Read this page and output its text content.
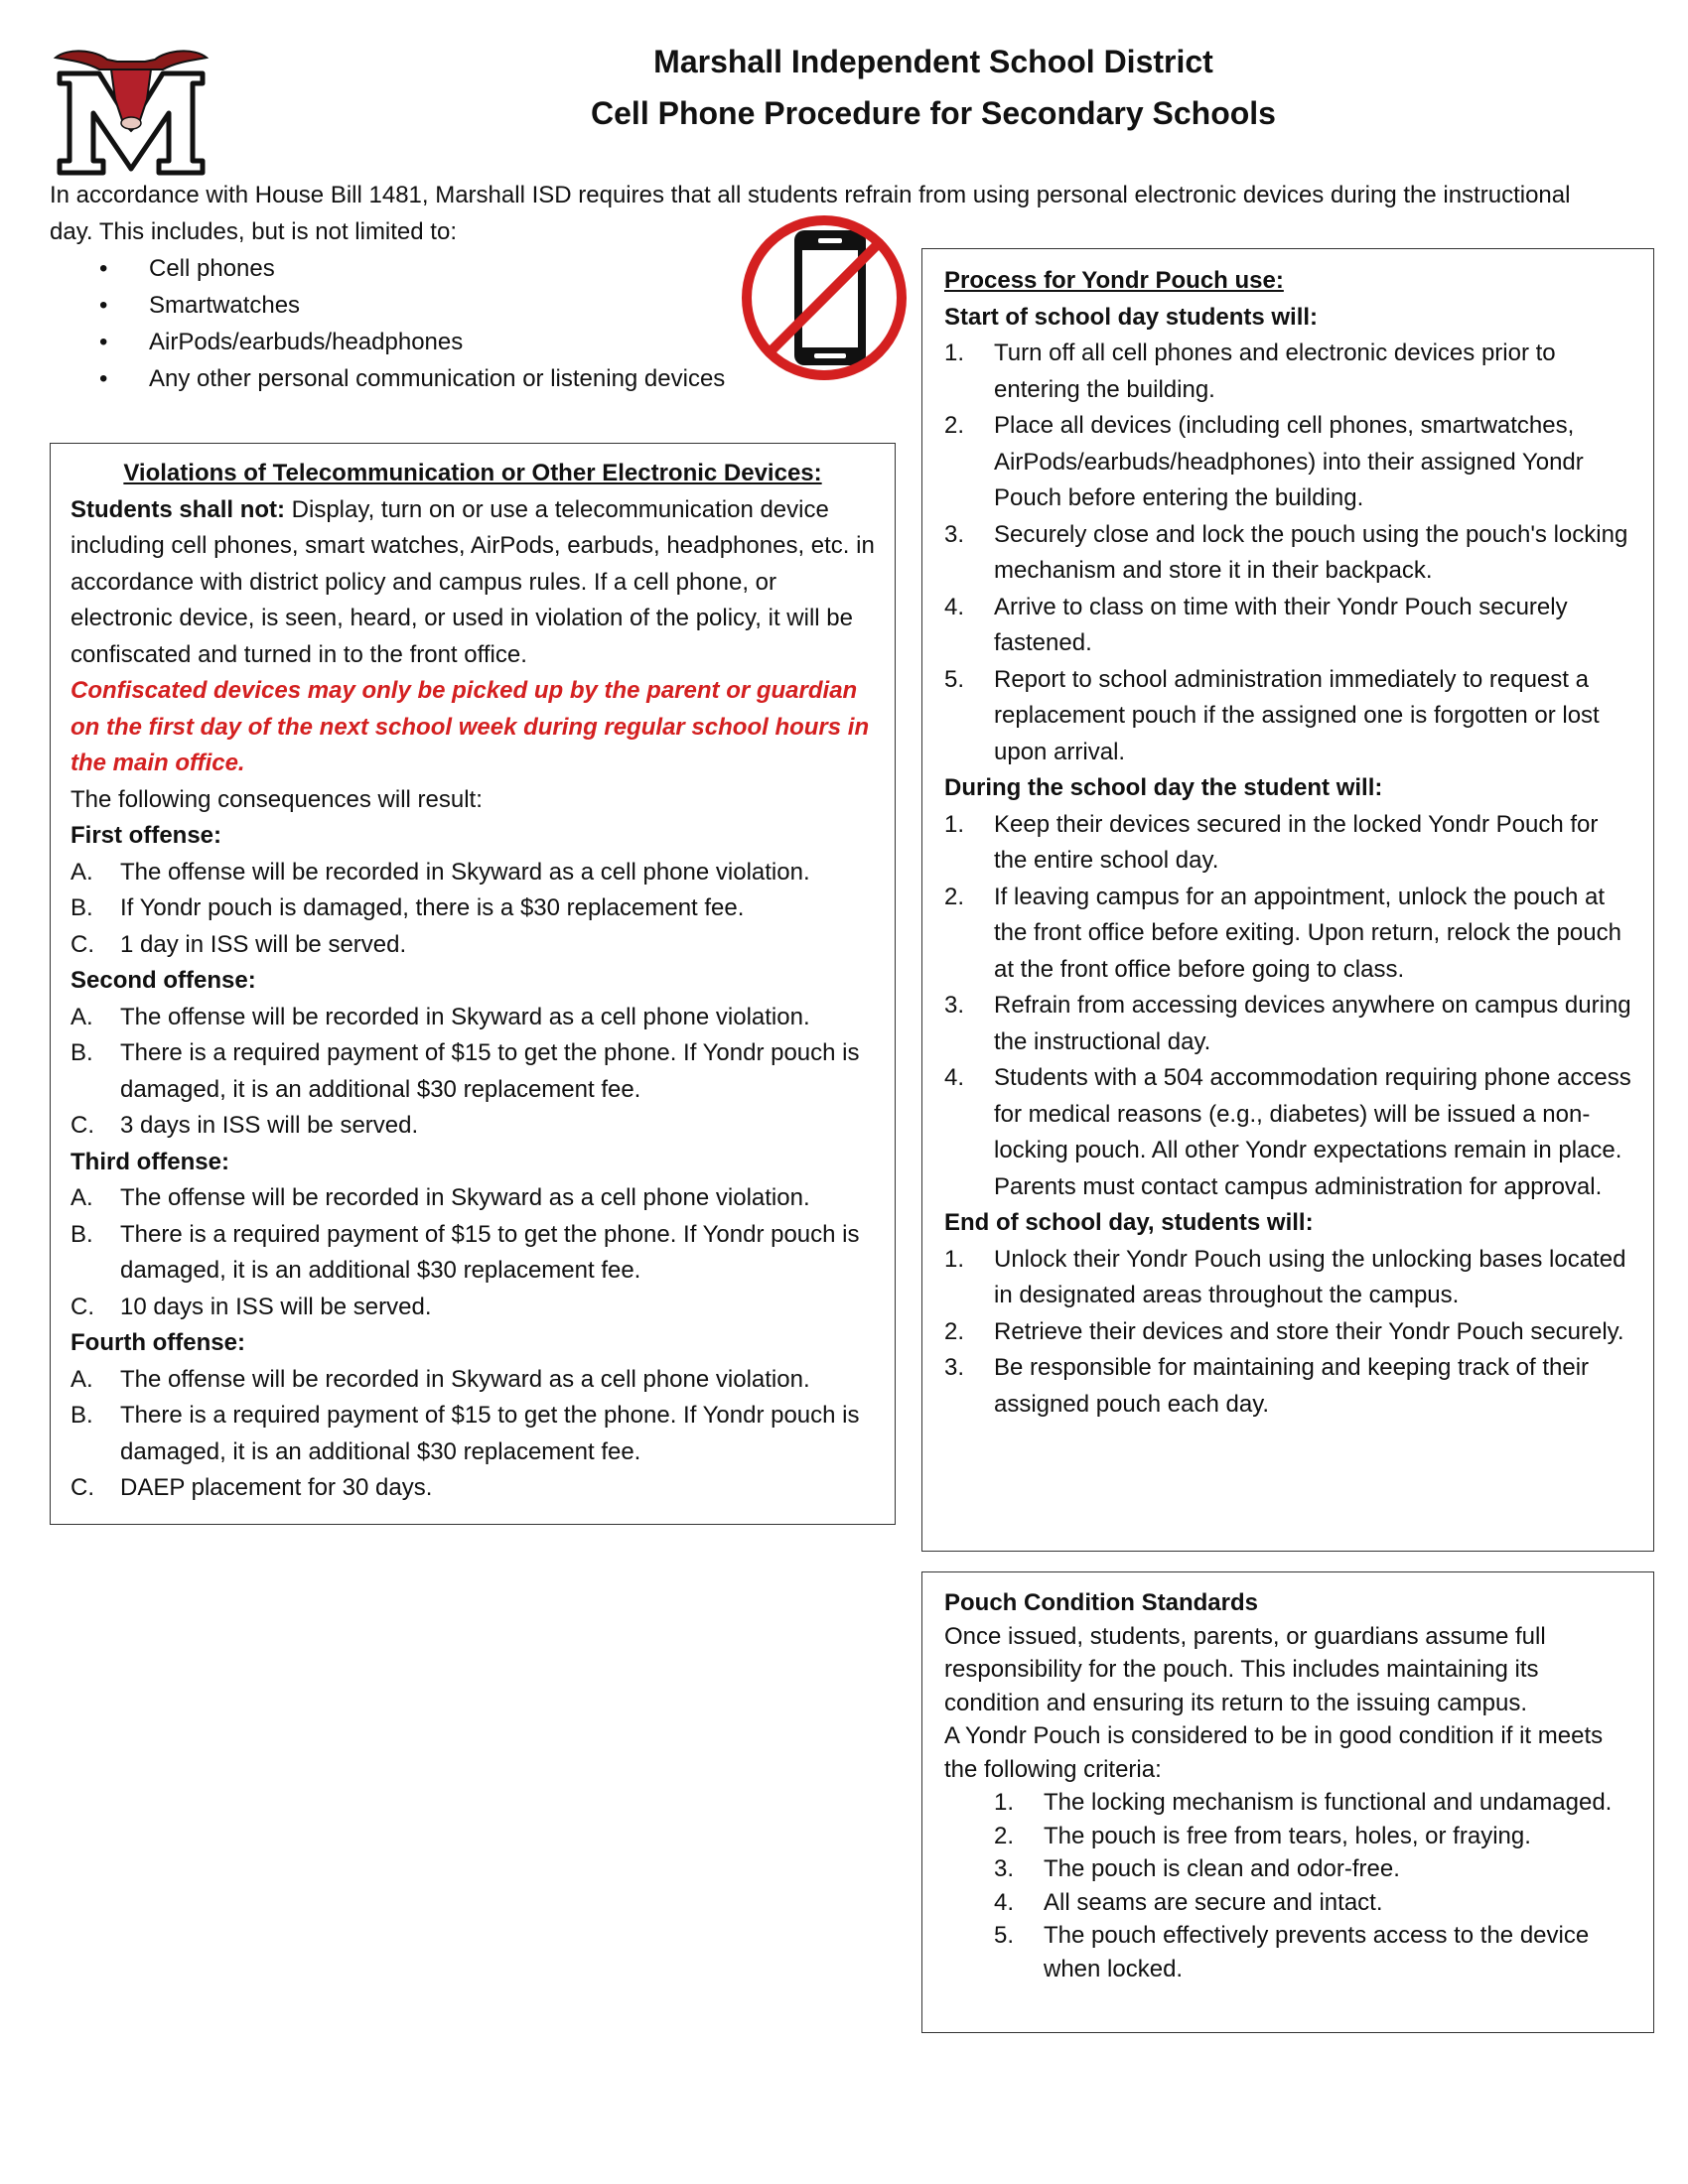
Marshall Independent School District
Cell Phone Procedure for Secondary Schools
In accordance with House Bill 1481, Marshall ISD requires that all students refrain from using personal electronic devices during the instructional day. This includes, but is not limited to:
• Cell phones
• Smartwatches
• AirPods/earbuds/headphones
• Any other personal communication or listening devices
Violations of Telecommunication or Other Electronic Devices:
Students shall not: Display, turn on or use a telecommunication device including cell phones, smart watches, AirPods, earbuds, headphones, etc. in accordance with district policy and campus rules. If a cell phone, or electronic device, is seen, heard, or used in violation of the policy, it will be confiscated and turned in to the front office.
Confiscated devices may only be picked up by the parent or guardian on the first day of the next school week during regular school hours in the main office.
The following consequences will result:
First offense:
A. The offense will be recorded in Skyward as a cell phone violation.
B. If Yondr pouch is damaged, there is a $30 replacement fee.
C. 1 day in ISS will be served.
Second offense:
A. The offense will be recorded in Skyward as a cell phone violation.
B. There is a required payment of $15 to get the phone. If Yondr pouch is damaged, it is an additional $30 replacement fee.
C. 3 days in ISS will be served.
Third offense:
A. The offense will be recorded in Skyward as a cell phone violation.
B. There is a required payment of $15 to get the phone. If Yondr pouch is damaged, it is an additional $30 replacement fee.
C. 10 days in ISS will be served.
Fourth offense:
A. The offense will be recorded in Skyward as a cell phone violation.
B. There is a required payment of $15 to get the phone. If Yondr pouch is damaged, it is an additional $30 replacement fee.
C. DAEP placement for 30 days.
Process for Yondr Pouch use:
Start of school day students will:
1. Turn off all cell phones and electronic devices prior to entering the building.
2. Place all devices (including cell phones, smartwatches, AirPods/earbuds/headphones) into their assigned Yondr Pouch before entering the building.
3. Securely close and lock the pouch using the pouch's locking mechanism and store it in their backpack.
4. Arrive to class on time with their Yondr Pouch securely fastened.
5. Report to school administration immediately to request a replacement pouch if the assigned one is forgotten or lost upon arrival.
During the school day the student will:
1. Keep their devices secured in the locked Yondr Pouch for the entire school day.
2. If leaving campus for an appointment, unlock the pouch at the front office before exiting. Upon return, relock the pouch at the front office before going to class.
3. Refrain from accessing devices anywhere on campus during the instructional day.
4. Students with a 504 accommodation requiring phone access for medical reasons (e.g., diabetes) will be issued a non-locking pouch. All other Yondr expectations remain in place. Parents must contact campus administration for approval.
End of school day, students will:
1. Unlock their Yondr Pouch using the unlocking bases located in designated areas throughout the campus.
2. Retrieve their devices and store their Yondr Pouch securely.
3. Be responsible for maintaining and keeping track of their assigned pouch each day.
Pouch Condition Standards
Once issued, students, parents, or guardians assume full responsibility for the pouch. This includes maintaining its condition and ensuring its return to the issuing campus.
A Yondr Pouch is considered to be in good condition if it meets the following criteria:
1. The locking mechanism is functional and undamaged.
2. The pouch is free from tears, holes, or fraying.
3. The pouch is clean and odor-free.
4. All seams are secure and intact.
5. The pouch effectively prevents access to the device when locked.
